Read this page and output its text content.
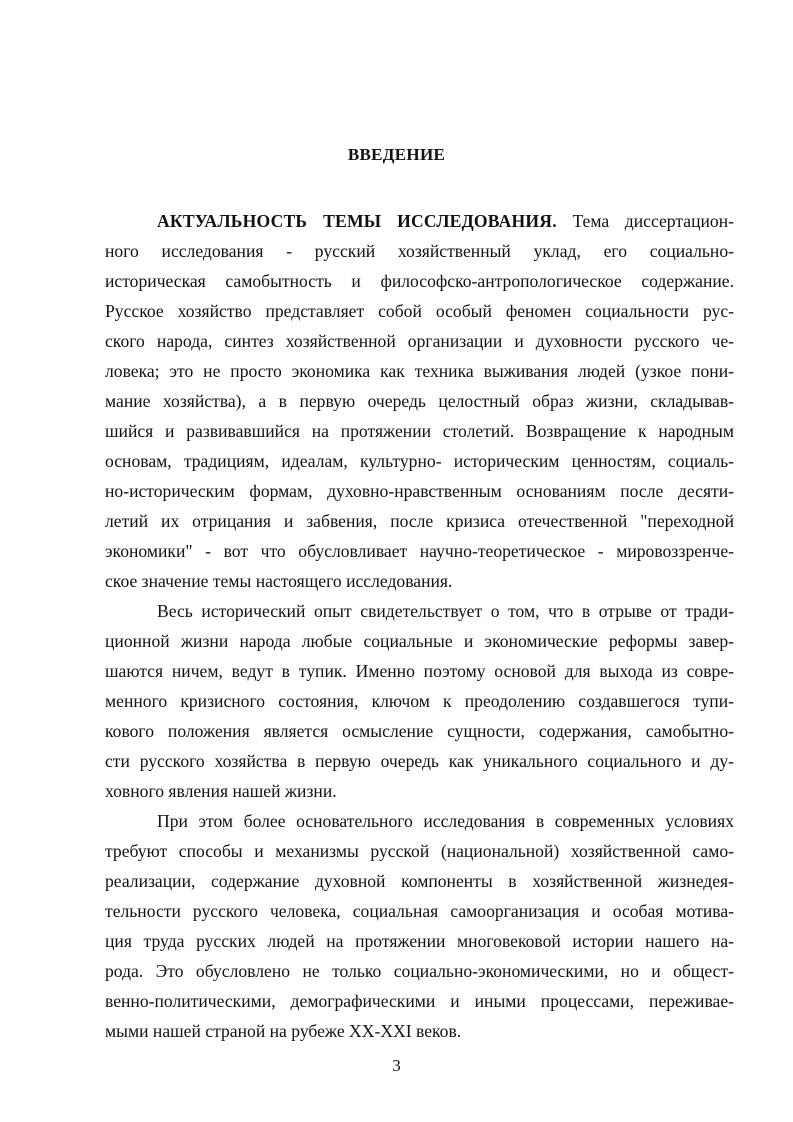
ВВЕДЕНИЕ
АКТУАЛЬНОСТЬ ТЕМЫ ИССЛЕДОВАНИЯ. Тема диссертацион-
ного исследования - русский хозяйственный уклад, его социально-
историческая самобытность и философско-антропологическое содержание.
Русское хозяйство представляет собой особый феномен социальности рус-
ского народа, синтез хозяйственной организации и духовности русского че-
ловека; это не просто экономика как техника выживания людей (узкое пони-
мание хозяйства), а в первую очередь целостный образ жизни, складывав-
шийся и развивавшийся на протяжении столетий. Возвращение к народным
основам, традициям, идеалам, культурно- историческим ценностям, социаль-
но-историческим формам, духовно-нравственным основаниям после десяти-
летий их отрицания и забвения, после кризиса отечественной "переходной
экономики" - вот что обусловливает научно-теоретическое - мировоззренче-
ское значение темы настоящего исследования.
Весь исторический опыт свидетельствует о том, что в отрыве от тради-
ционной жизни народа любые социальные и экономические реформы завер-
шаются ничем, ведут в тупик. Именно поэтому основой для выхода из совре-
менного кризисного состояния, ключом к преодолению создавшегося тупи-
кового положения является осмысление сущности, содержания, самобытно-
сти русского хозяйства в первую очередь как уникального социального и ду-
ховного явления нашей жизни.
При этом более основательного исследования в современных условиях
требуют способы и механизмы русской (национальной) хозяйственной само-
реализации, содержание духовной компоненты в хозяйственной жизнедея-
тельности русского человека, социальная самоорганизация и особая мотива-
ция труда русских людей на протяжении многовековой истории нашего на-
рода. Это обусловлено не только социально-экономическими, но и общест-
венно-политическими, демографическими и иными процессами, переживае-
мыми нашей страной на рубеже XX-XXI веков.
3
